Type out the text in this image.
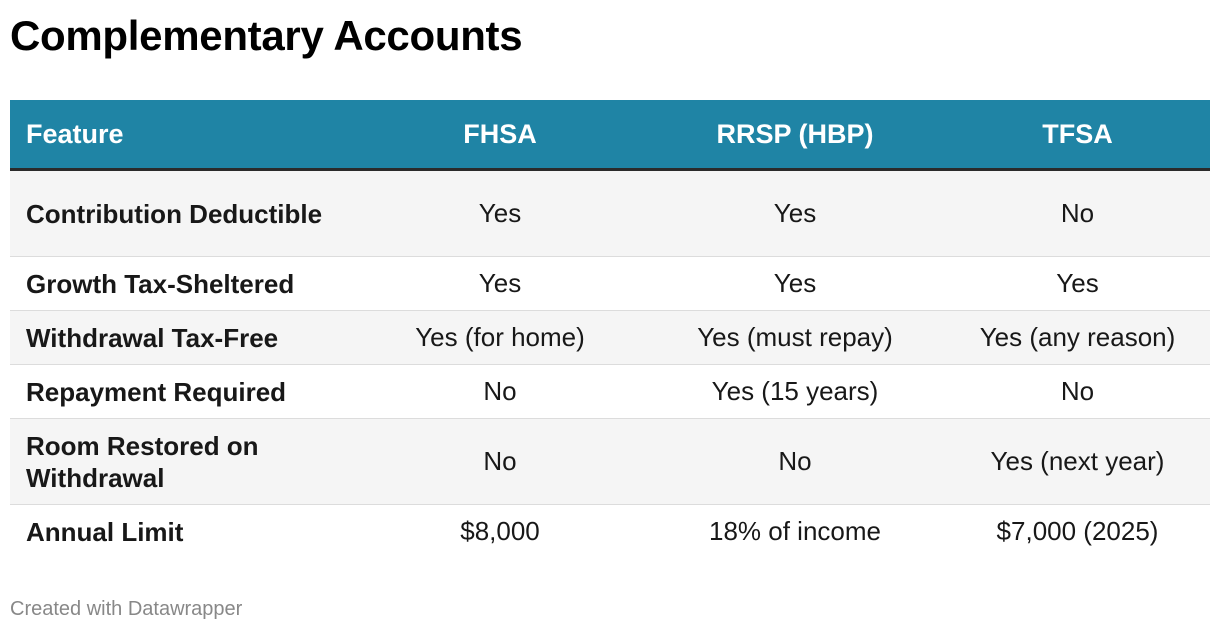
Complementary Accounts
Feature	FHSA	RRSP (HBP)	TFSA
Contribution Deductible	Yes	Yes	No
Growth Tax-Sheltered	Yes	Yes	Yes
Withdrawal Tax-Free	Yes (for home)	Yes (must repay)	Yes (any reason)
Repayment Required	No	Yes (15 years)	No
Room Restored on Withdrawal	No	No	Yes (next year)
Annual Limit	$8,000	18% of income	$7,000 (2025)
Created with Datawrapper
